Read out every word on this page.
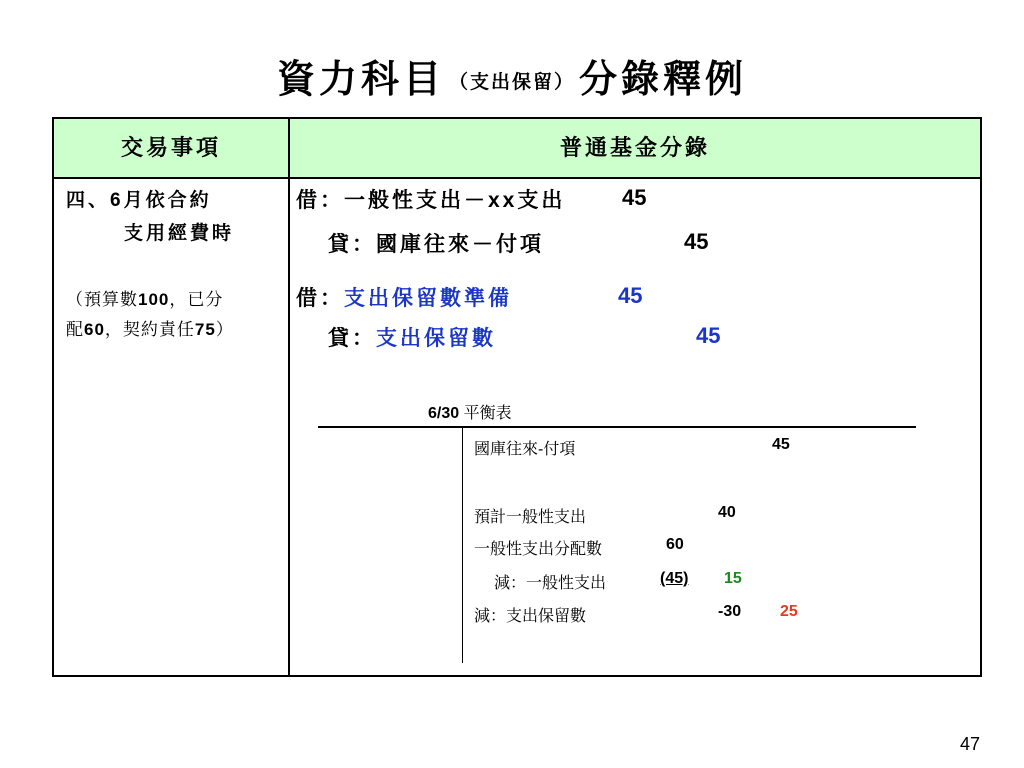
資力科目 $^{(支出保留)}$ 分錄釋例
交易事項	普通基金分錄
四、6月依合約
支用經費時
（預算數100，已分
配60，契約責任75）
借：一般性支出－xx支出	45
貸：國庫往來－付項	45
借：支出保留數準備	45
貸：支出保留數	45
6/30 平衡表
國庫往來-付項	45
預計一般性支出	40
一般性支出分配數	60
減：一般性支出	(45) 15
減：支出保留數	-30 25
47
